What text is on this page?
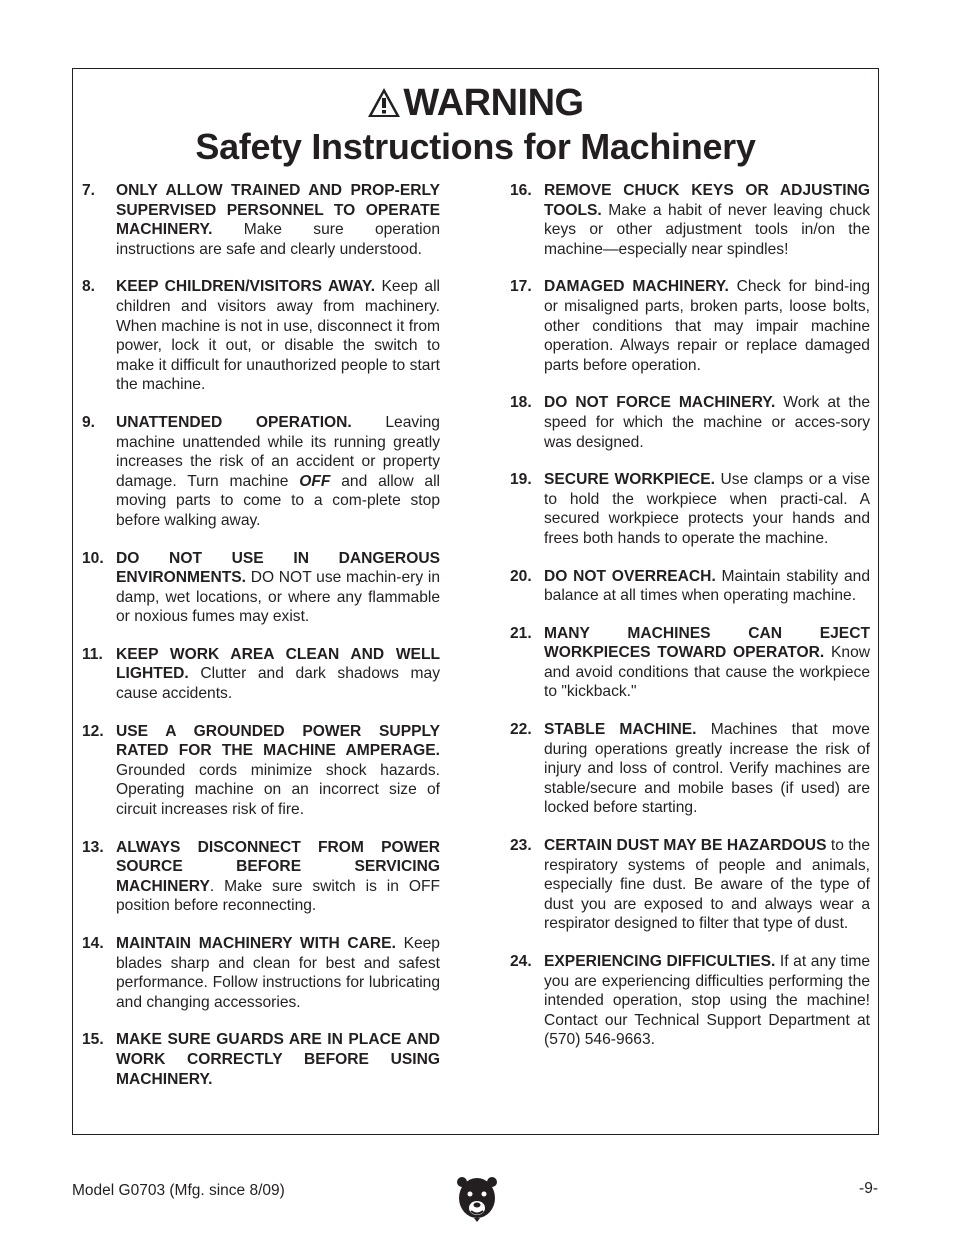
WARNING
Safety Instructions for Machinery
7. ONLY ALLOW TRAINED AND PROP-ERLY SUPERVISED PERSONNEL TO OPERATE MACHINERY. Make sure operation instructions are safe and clearly understood.
8. KEEP CHILDREN/VISITORS AWAY. Keep all children and visitors away from machinery. When machine is not in use, disconnect it from power, lock it out, or disable the switch to make it difficult for unauthorized people to start the machine.
9. UNATTENDED OPERATION. Leaving machine unattended while its running greatly increases the risk of an accident or property damage. Turn machine OFF and allow all moving parts to come to a com-plete stop before walking away.
10. DO NOT USE IN DANGEROUS ENVIRONMENTS. DO NOT use machin-ery in damp, wet locations, or where any flammable or noxious fumes may exist.
11. KEEP WORK AREA CLEAN AND WELL LIGHTED. Clutter and dark shadows may cause accidents.
12. USE A GROUNDED POWER SUPPLY RATED FOR THE MACHINE AMPERAGE. Grounded cords minimize shock hazards. Operating machine on an incorrect size of circuit increases risk of fire.
13. ALWAYS DISCONNECT FROM POWER SOURCE BEFORE SERVICING MACHINERY. Make sure switch is in OFF position before reconnecting.
14. MAINTAIN MACHINERY WITH CARE. Keep blades sharp and clean for best and safest performance. Follow instructions for lubricating and changing accessories.
15. MAKE SURE GUARDS ARE IN PLACE AND WORK CORRECTLY BEFORE USING MACHINERY.
16. REMOVE CHUCK KEYS OR ADJUSTING TOOLS. Make a habit of never leaving chuck keys or other adjustment tools in/on the machine—especially near spindles!
17. DAMAGED MACHINERY. Check for bind-ing or misaligned parts, broken parts, loose bolts, other conditions that may impair machine operation. Always repair or replace damaged parts before operation.
18. DO NOT FORCE MACHINERY. Work at the speed for which the machine or acces-sory was designed.
19. SECURE WORKPIECE. Use clamps or a vise to hold the workpiece when practi-cal. A secured workpiece protects your hands and frees both hands to operate the machine.
20. DO NOT OVERREACH. Maintain stability and balance at all times when operating machine.
21. MANY MACHINES CAN EJECT WORKPIECES TOWARD OPERATOR. Know and avoid conditions that cause the workpiece to "kickback."
22. STABLE MACHINE. Machines that move during operations greatly increase the risk of injury and loss of control. Verify machines are stable/secure and mobile bases (if used) are locked before starting.
23. CERTAIN DUST MAY BE HAZARDOUS to the respiratory systems of people and animals, especially fine dust. Be aware of the type of dust you are exposed to and always wear a respirator designed to filter that type of dust.
24. EXPERIENCING DIFFICULTIES. If at any time you are experiencing difficulties performing the intended operation, stop using the machine! Contact our Technical Support Department at (570) 546-9663.
Model G0703 (Mfg. since 8/09)	-9-
